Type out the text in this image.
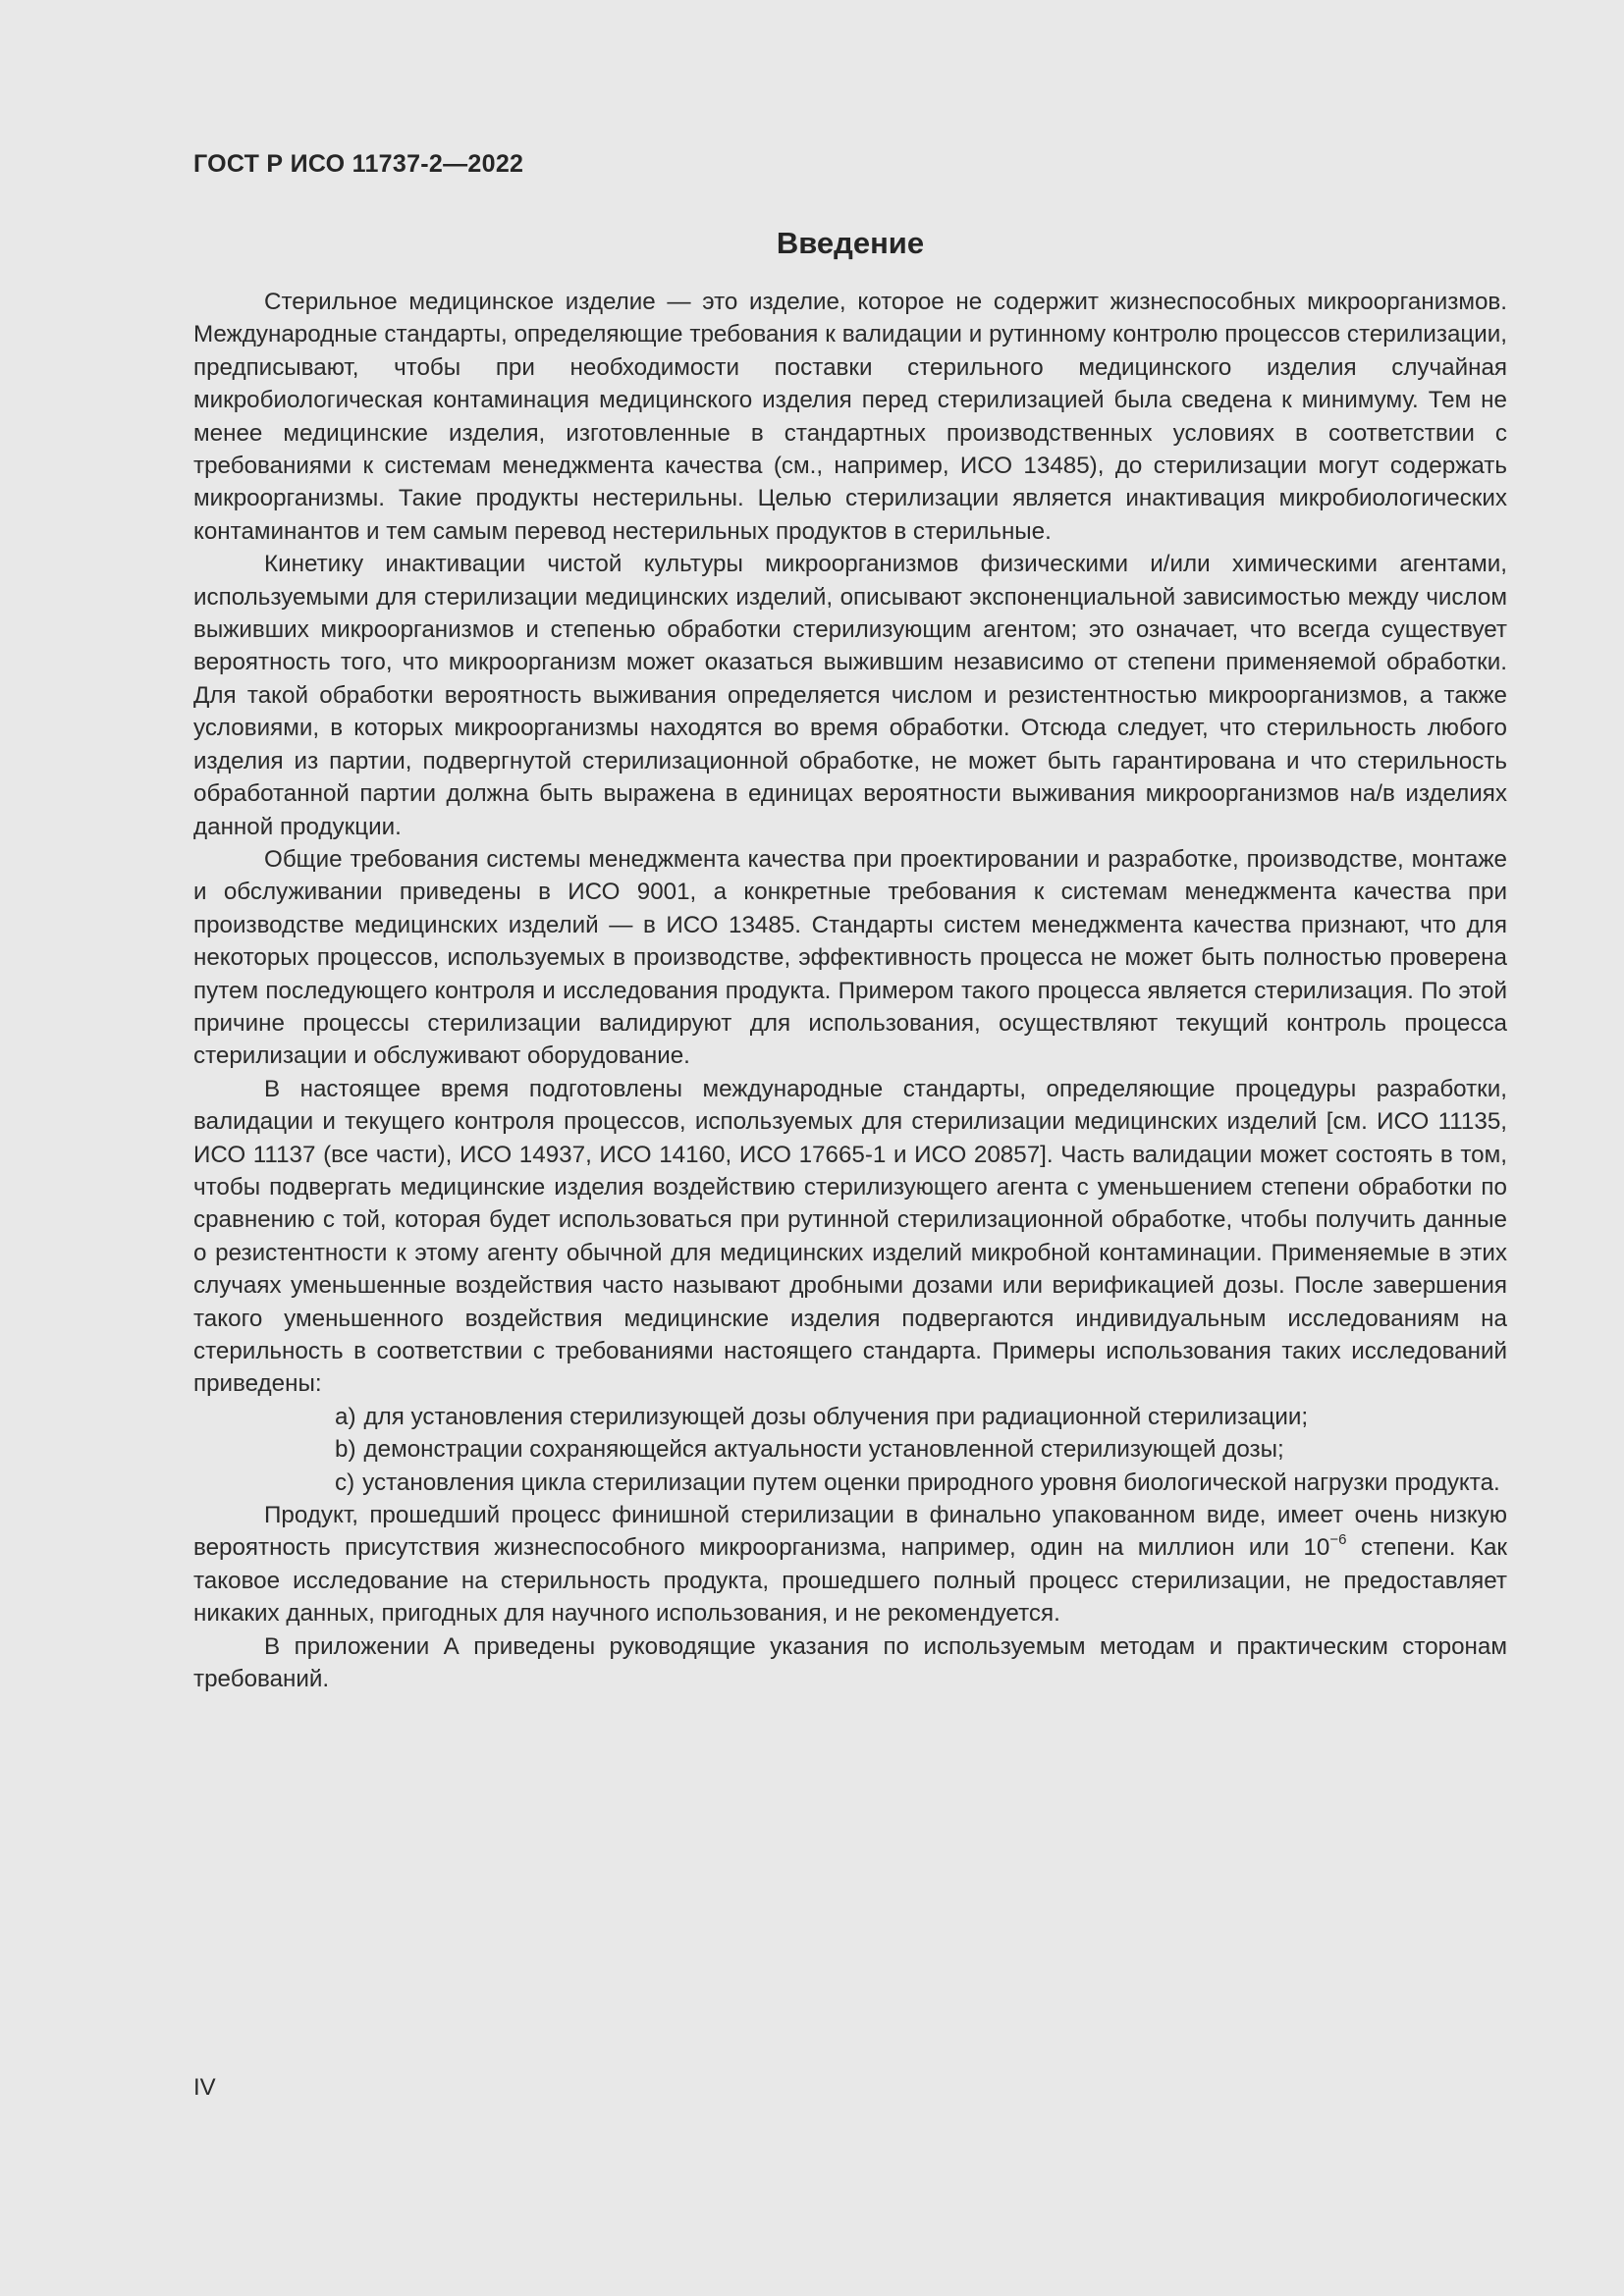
ГОСТ Р ИСО 11737-2—2022
Введение

Стерильное медицинское изделие — это изделие, которое не содержит жизнеспособных микроорганизмов. Международные стандарты, определяющие требования к валидации и рутинному контролю процессов стерилизации, предписывают, чтобы при необходимости поставки стерильного медицинского изделия случайная микробиологическая контаминация медицинского изделия перед стерилизацией была сведена к минимуму. Тем не менее медицинские изделия, изготовленные в стандартных производственных условиях в соответствии с требованиями к системам менеджмента качества (см., например, ИСО 13485), до стерилизации могут содержать микроорганизмы. Такие продукты нестерильны. Целью стерилизации является инактивация микробиологических контаминантов и тем самым перевод нестерильных продуктов в стерильные.

Кинетику инактивации чистой культуры микроорганизмов физическими и/или химическими агентами, используемыми для стерилизации медицинских изделий, описывают экспоненциальной зависимостью между числом выживших микроорганизмов и степенью обработки стерилизующим агентом; это означает, что всегда существует вероятность того, что микроорганизм может оказаться выжившим независимо от степени применяемой обработки. Для такой обработки вероятность выживания определяется числом и резистентностью микроорганизмов, а также условиями, в которых микроорганизмы находятся во время обработки. Отсюда следует, что стерильность любого изделия из партии, подвергнутой стерилизационной обработке, не может быть гарантирована и что стерильность обработанной партии должна быть выражена в единицах вероятности выживания микроорганизмов на/в изделиях данной продукции.

Общие требования системы менеджмента качества при проектировании и разработке, производстве, монтаже и обслуживании приведены в ИСО 9001, а конкретные требования к системам менеджмента качества при производстве медицинских изделий — в ИСО 13485. Стандарты систем менеджмента качества признают, что для некоторых процессов, используемых в производстве, эффективность процесса не может быть полностью проверена путем последующего контроля и исследования продукта. Примером такого процесса является стерилизация. По этой причине процессы стерилизации валидируют для использования, осуществляют текущий контроль процесса стерилизации и обслуживают оборудование.

В настоящее время подготовлены международные стандарты, определяющие процедуры разработки, валидации и текущего контроля процессов, используемых для стерилизации медицинских изделий [см. ИСО 11135, ИСО 11137 (все части), ИСО 14937, ИСО 14160, ИСО 17665-1 и ИСО 20857]. Часть валидации может состоять в том, чтобы подвергать медицинские изделия воздействию стерилизующего агента с уменьшением степени обработки по сравнению с той, которая будет использоваться при рутинной стерилизационной обработке, чтобы получить данные о резистентности к этому агенту обычной для медицинских изделий микробной контаминации. Применяемые в этих случаях уменьшенные воздействия часто называют дробными дозами или верификацией дозы. После завершения такого уменьшенного воздействия медицинские изделия подвергаются индивидуальным исследованиям на стерильность в соответствии с требованиями настоящего стандарта. Примеры использования таких исследований приведены:

a) для установления стерилизующей дозы облучения при радиационной стерилизации;

b) демонстрации сохраняющейся актуальности установленной стерилизующей дозы;

c) установления цикла стерилизации путем оценки природного уровня биологической нагрузки продукта.

Продукт, прошедший процесс финишной стерилизации в финально упакованном виде, имеет очень низкую вероятность присутствия жизнеспособного микроорганизма, например, один на миллион или $10^{-6}$ степени. Как таковое исследование на стерильность продукта, прошедшего полный процесс стерилизации, не предоставляет никаких данных, пригодных для научного использования, и не рекомендуется.

В приложении А приведены руководящие указания по используемым методам и практическим сторонам требований.

IV
